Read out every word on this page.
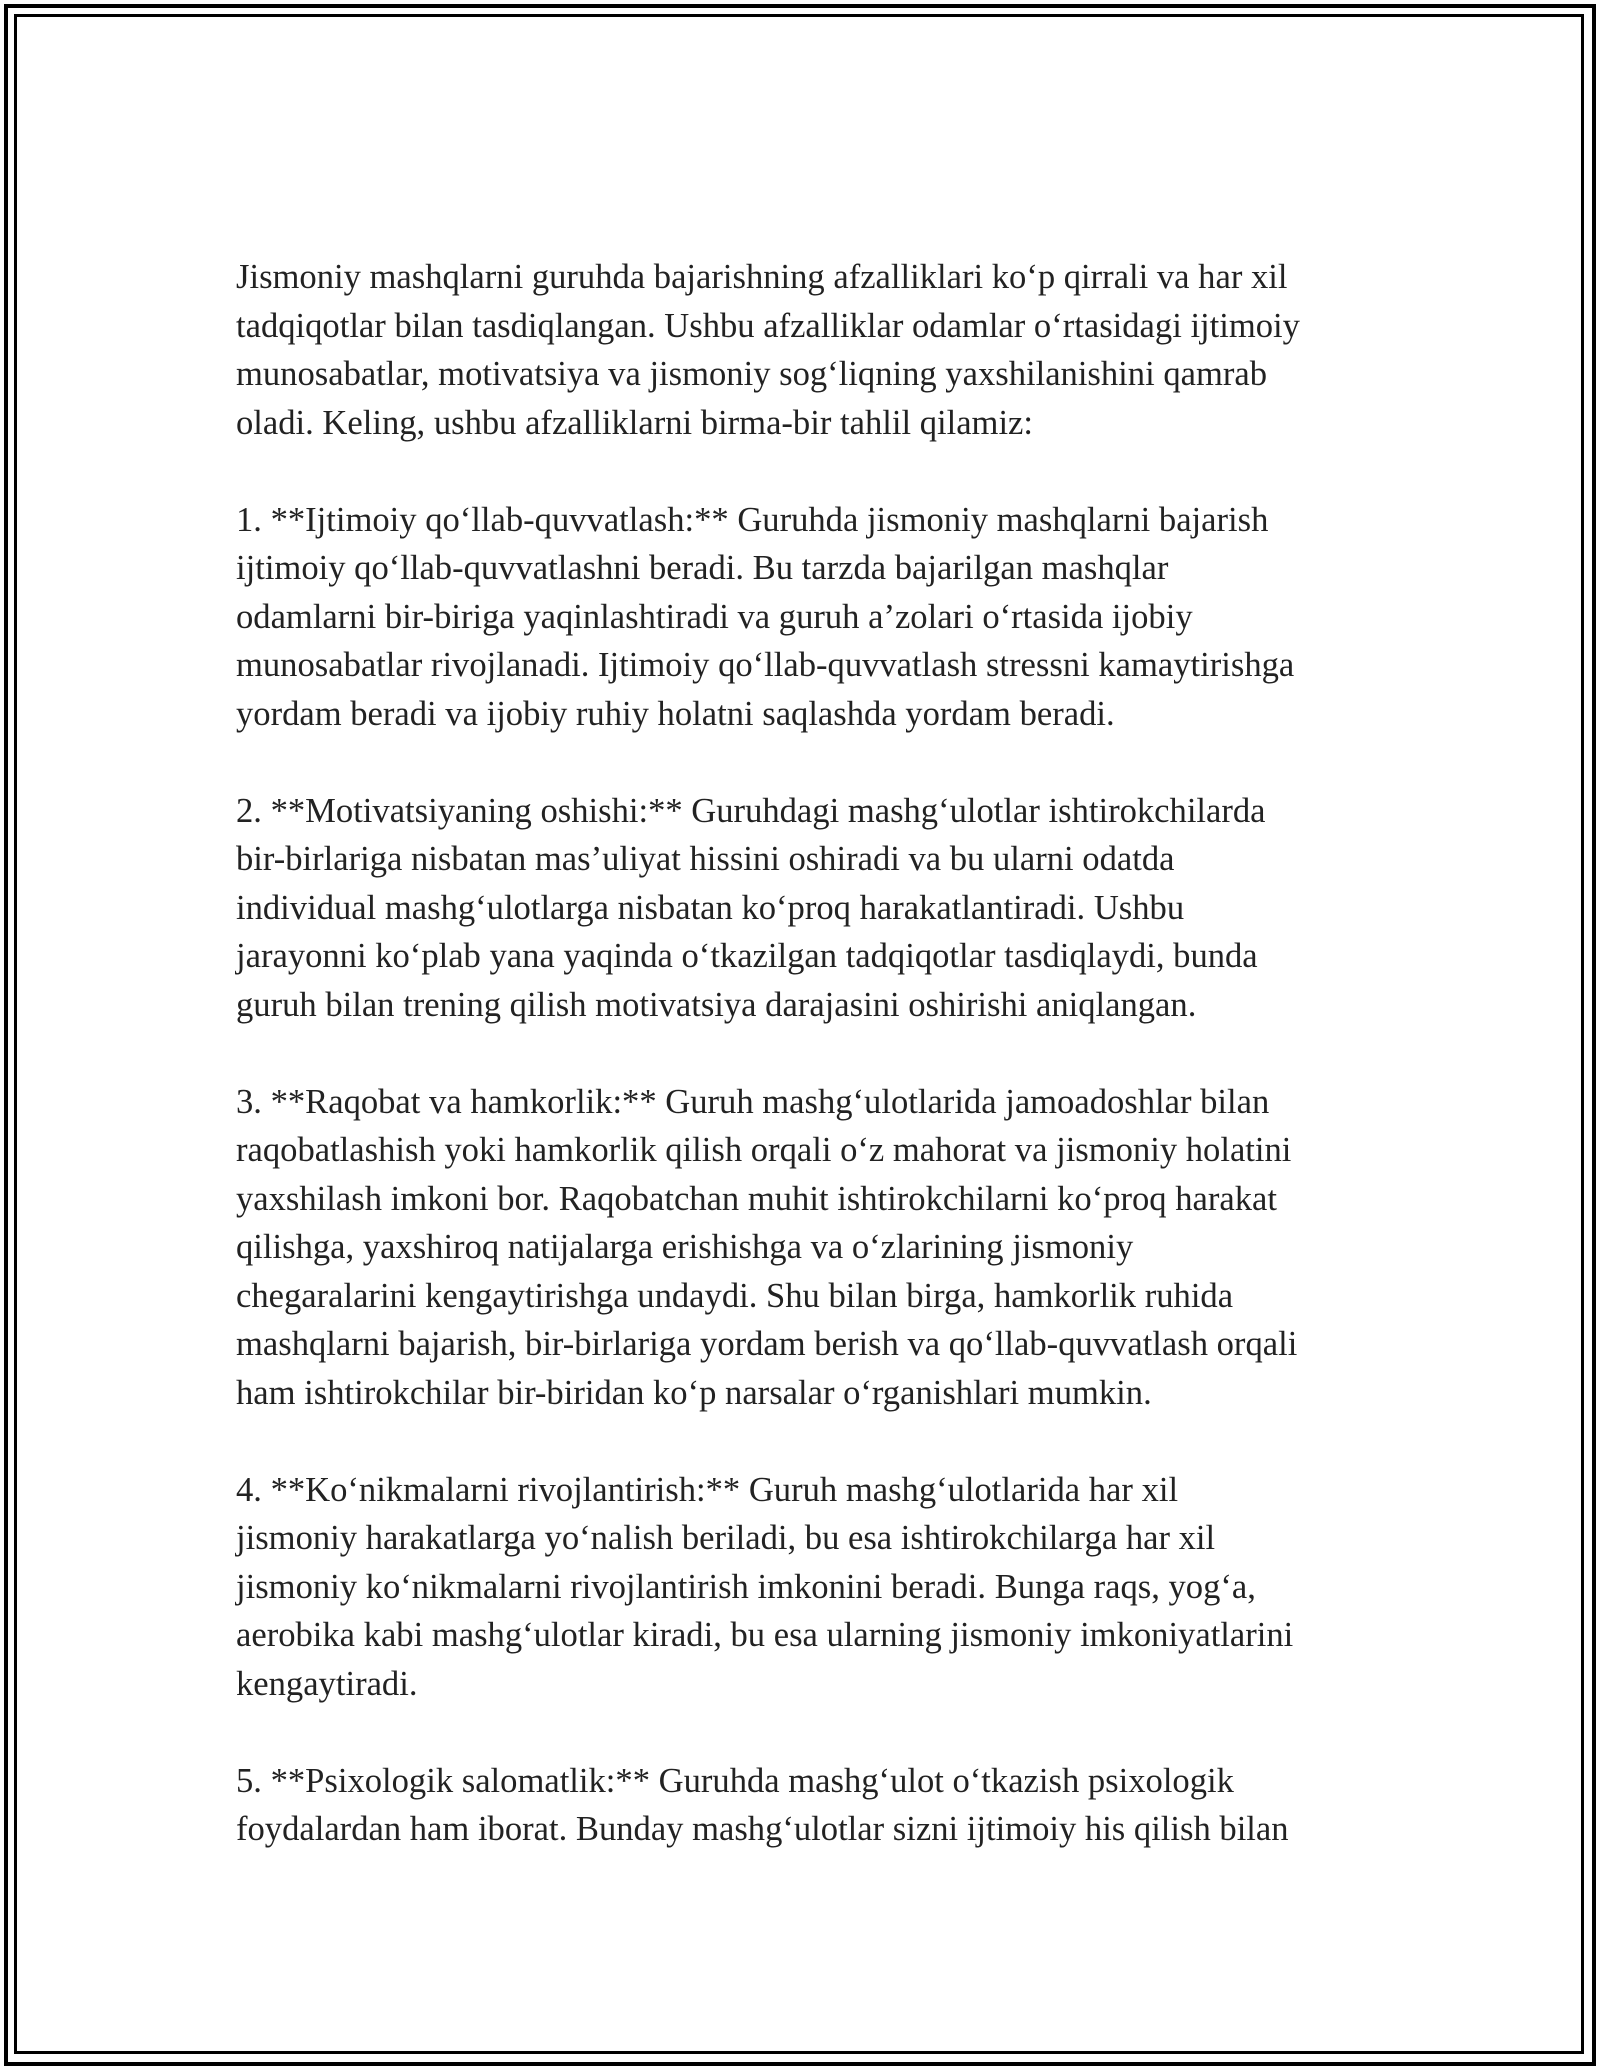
Jismoniy mashqlarni guruhda bajarishning afzalliklari ko‘p qirrali va har xil
tadqiqotlar bilan tasdiqlangan. Ushbu afzalliklar odamlar o‘rtasidagi ijtimoiy
munosabatlar, motivatsiya va jismoniy sog‘liqning yaxshilanishini qamrab
oladi. Keling, ushbu afzalliklarni birma-bir tahlil qilamiz:
1. **Ijtimoiy qo‘llab-quvvatlash:** Guruhda jismoniy mashqlarni bajarish
ijtimoiy qo‘llab-quvvatlashni beradi. Bu tarzda bajarilgan mashqlar
odamlarni bir-biriga yaqinlashtiradi va guruh a’zolari o‘rtasida ijobiy
munosabatlar rivojlanadi. Ijtimoiy qo‘llab-quvvatlash stressni kamaytirishga
yordam beradi va ijobiy ruhiy holatni saqlashda yordam beradi.
2. **Motivatsiyaning oshishi:** Guruhdagi mashg‘ulotlar ishtirokchilarda
bir-birlariga nisbatan mas’uliyat hissini oshiradi va bu ularni odatda
individual mashg‘ulotlarga nisbatan ko‘proq harakatlantiradi. Ushbu
jarayonni ko‘plab yana yaqinda o‘tkazilgan tadqiqotlar tasdiqlaydi, bunda
guruh bilan trening qilish motivatsiya darajasini oshirishi aniqlangan.
3. **Raqobat va hamkorlik:** Guruh mashg‘ulotlarida jamoadoshlar bilan
raqobatlashish yoki hamkorlik qilish orqali o‘z mahorat va jismoniy holatini
yaxshilash imkoni bor. Raqobatchan muhit ishtirokchilarni ko‘proq harakat
qilishga, yaxshiroq natijalarga erishishga va o‘zlarining jismoniy
chegaralarini kengaytirishga undaydi. Shu bilan birga, hamkorlik ruhida
mashqlarni bajarish, bir-birlariga yordam berish va qo‘llab-quvvatlash orqali
ham ishtirokchilar bir-biridan ko‘p narsalar o‘rganishlari mumkin.
4. **Ko‘nikmalarni rivojlantirish:** Guruh mashg‘ulotlarida har xil
jismoniy harakatlarga yo‘nalish beriladi, bu esa ishtirokchilarga har xil
jismoniy ko‘nikmalarni rivojlantirish imkonini beradi. Bunga raqs, yog‘a,
aerobika kabi mashg‘ulotlar kiradi, bu esa ularning jismoniy imkoniyatlarini
kengaytiradi.
5. **Psixologik salomatlik:** Guruhda mashg‘ulot o‘tkazish psixologik
foydalardan ham iborat. Bunday mashg‘ulotlar sizni ijtimoiy his qilish bilan
